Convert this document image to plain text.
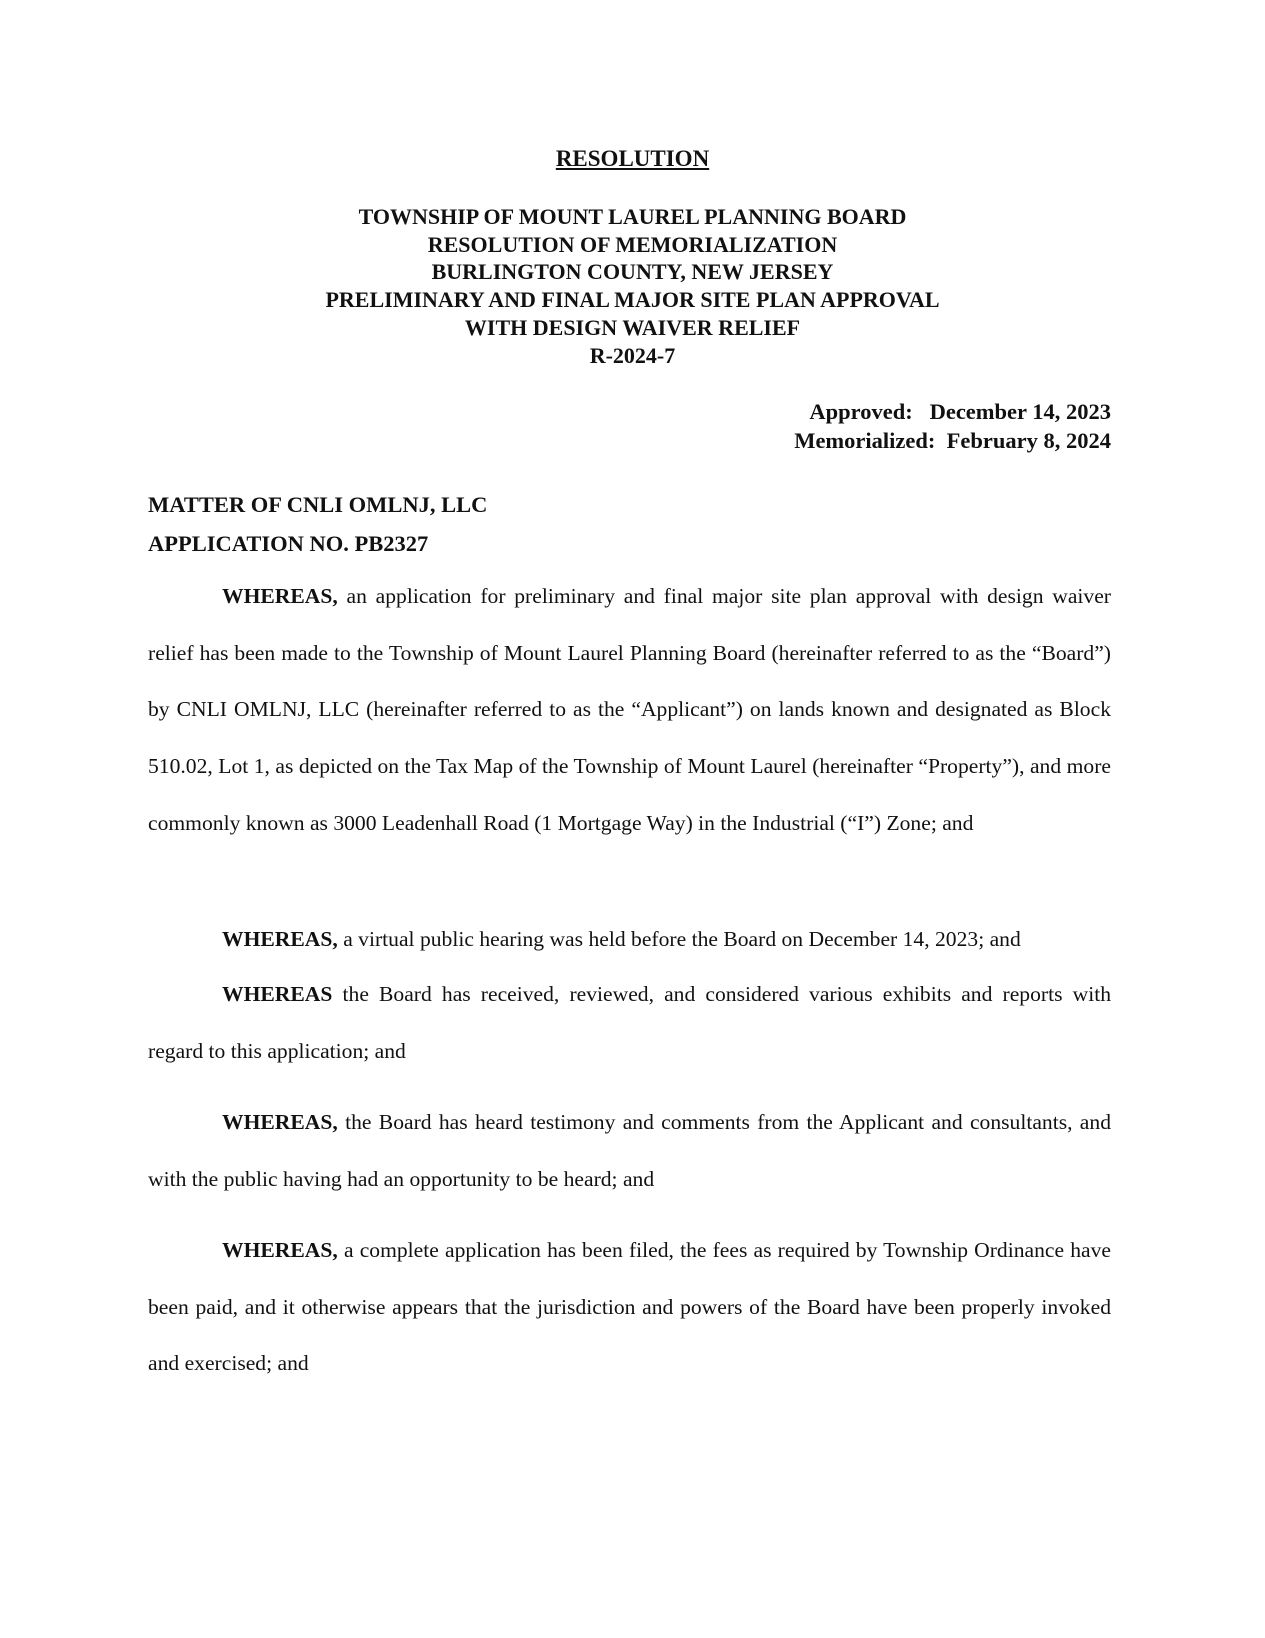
RESOLUTION
TOWNSHIP OF MOUNT LAUREL PLANNING BOARD
RESOLUTION OF MEMORIALIZATION
BURLINGTON COUNTY, NEW JERSEY
PRELIMINARY AND FINAL MAJOR SITE PLAN APPROVAL
WITH DESIGN WAIVER RELIEF
R-2024-7
Approved:   December 14, 2023
Memorialized:  February 8, 2024
MATTER OF CNLI OMLNJ, LLC
APPLICATION NO. PB2327

WHEREAS, an application for preliminary and final major site plan approval with design waiver relief has been made to the Township of Mount Laurel Planning Board (hereinafter referred to as the “Board”) by CNLI OMLNJ, LLC (hereinafter referred to as the “Applicant”) on lands known and designated as Block 510.02, Lot 1, as depicted on the Tax Map of the Township of Mount Laurel (hereinafter “Property”), and more commonly known as 3000 Leadenhall Road (1 Mortgage Way) in the Industrial (“I”) Zone; and

WHEREAS, a virtual public hearing was held before the Board on December 14, 2023; and

WHEREAS the Board has received, reviewed, and considered various exhibits and reports with regard to this application; and

WHEREAS, the Board has heard testimony and comments from the Applicant and consultants, and with the public having had an opportunity to be heard; and

WHEREAS, a complete application has been filed, the fees as required by Township Ordinance have been paid, and it otherwise appears that the jurisdiction and powers of the Board have been properly invoked and exercised; and
